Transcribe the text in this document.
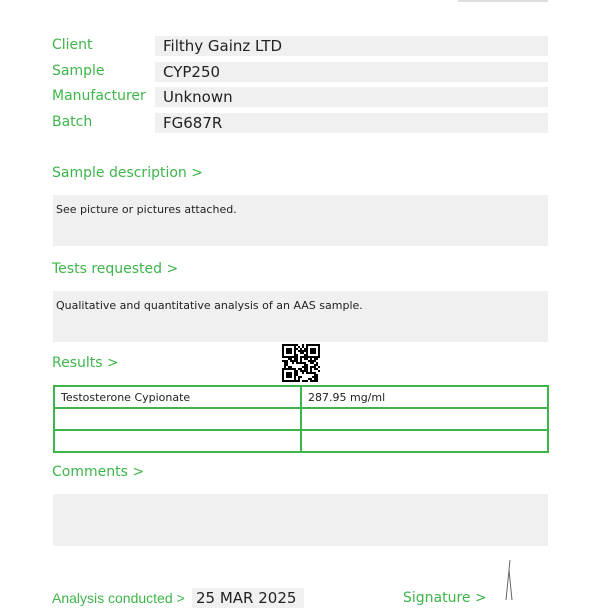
Client	Filthy Gainz LTD
Sample	CYP250
Manufacturer	Unknown
Batch	FG687R
Sample description >
See picture or pictures attached.
Tests requested >
Qualitative and quantitative analysis of an AAS sample.
Results >
Testosterone Cypionate	287.95 mg/ml

Comments >
Analysis conducted > 25 MAR 2025	Signature >
